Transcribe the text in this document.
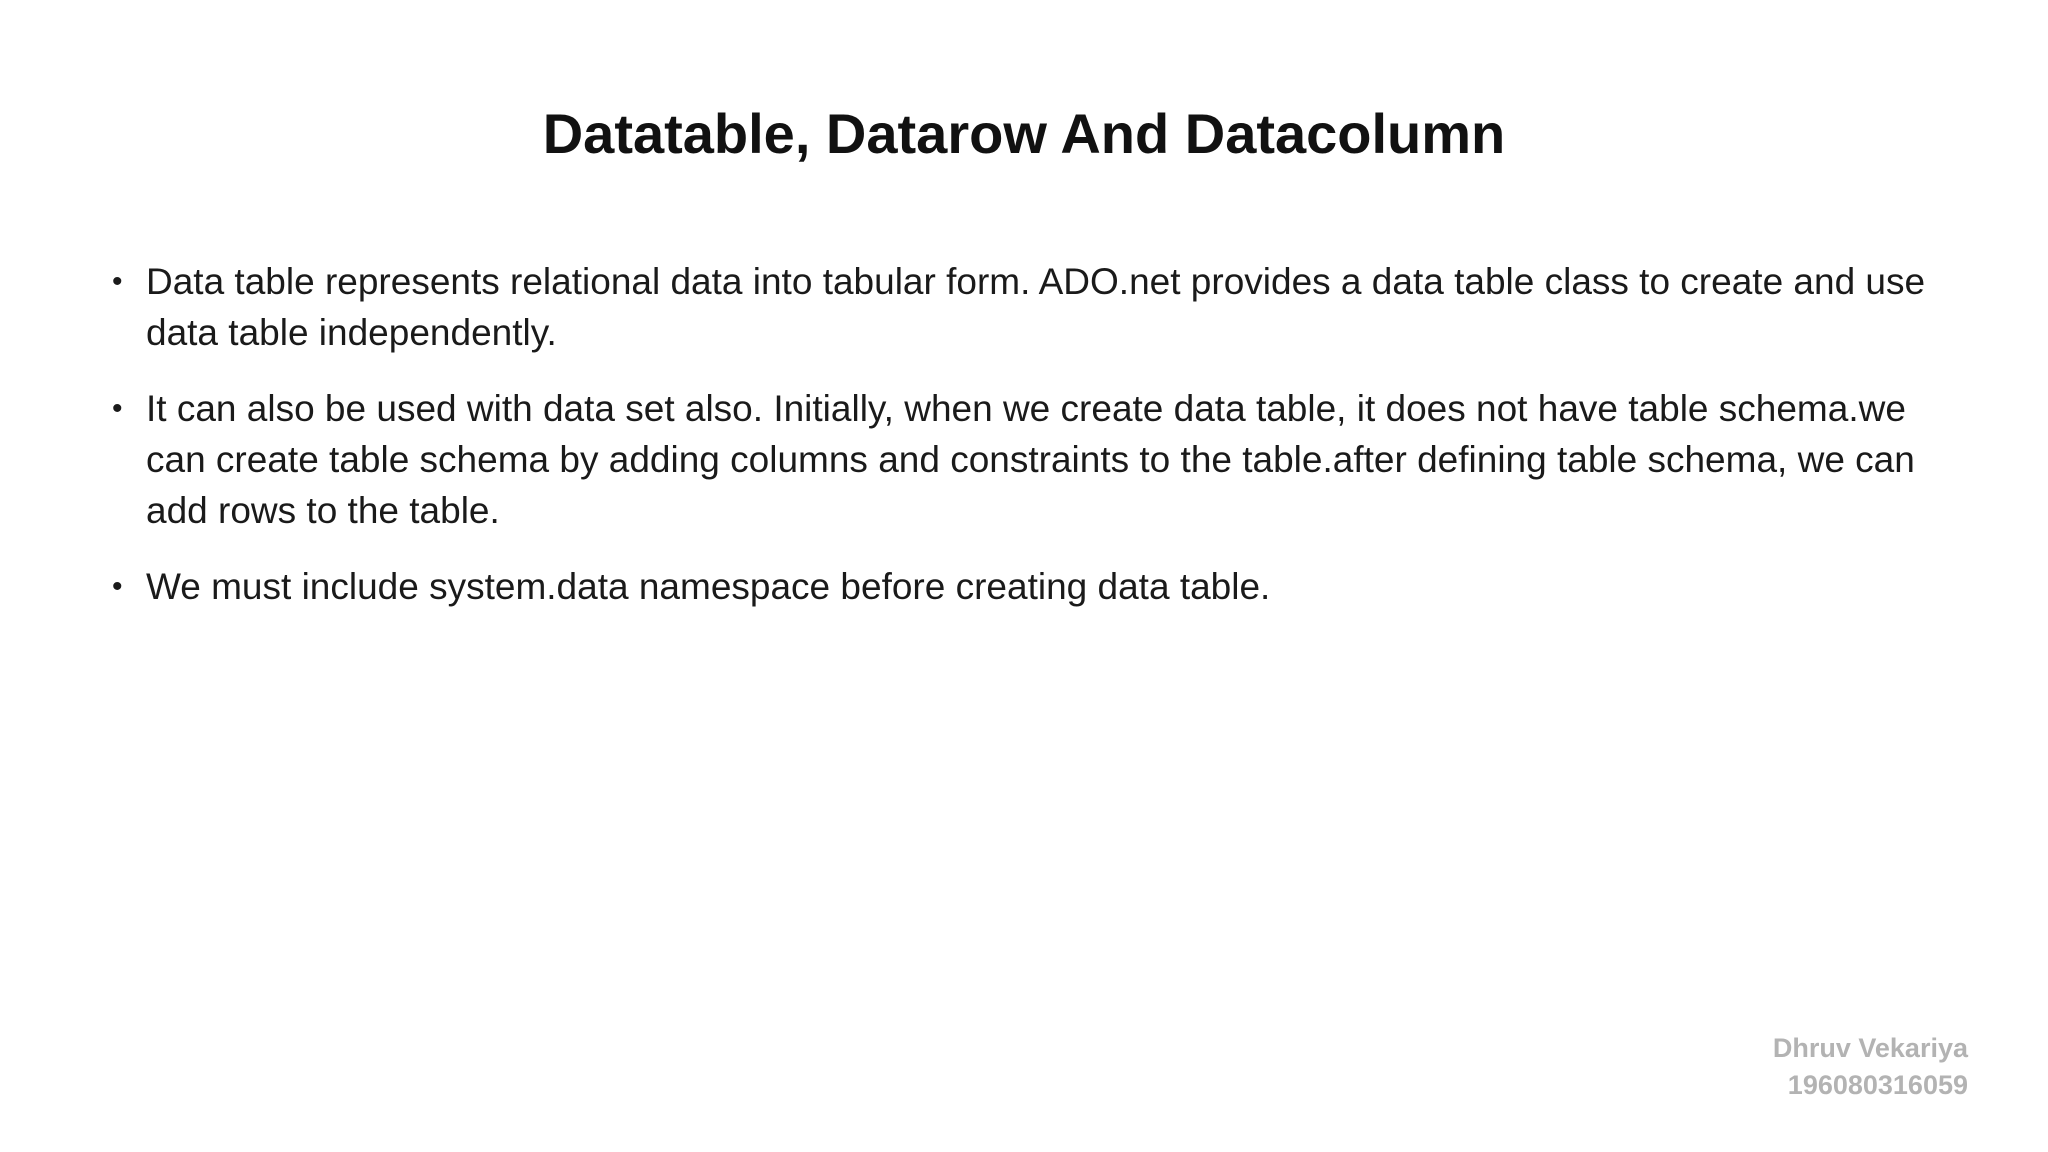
Datatable, Datarow And Datacolumn
• Data table represents relational data into tabular form. ADO.net provides a data table class to create and use data table independently.
• It can also be used with data set also. Initially, when we create data table, it does not have table schema.we can create table schema by adding columns and constraints to the table.after defining table schema, we can add rows to the table.
• We must include system.data namespace before creating data table.
Dhruv Vekariya
19608031605​9
